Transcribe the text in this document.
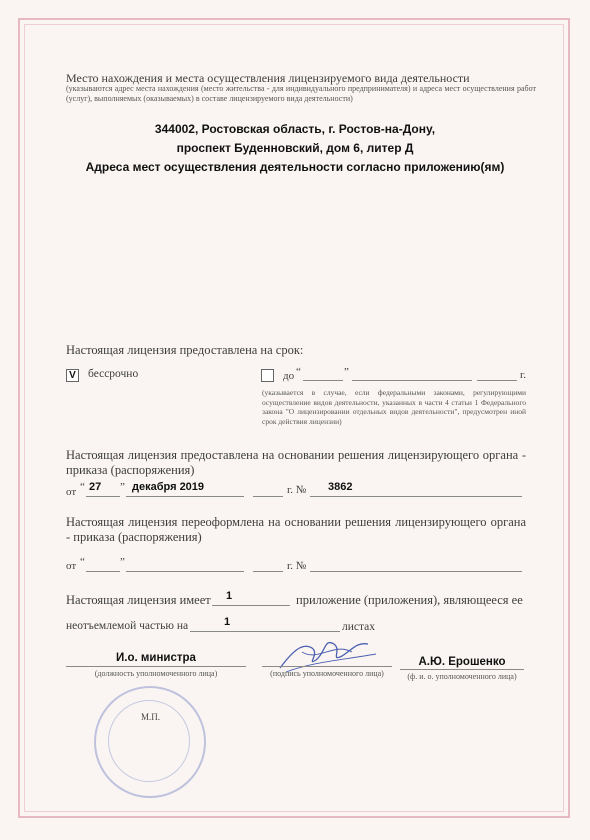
Место нахождения и места осуществления лицензируемого вида деятельности
(указываются адрес места нахождения (место жительства - для индивидуального предпринимателя) и адреса мест осуществления работ (услуг), выполняемых (оказываемых) в составе лицензируемого вида деятельности)
344002, Ростовская область, г. Ростов-на-Дону,
проспект Буденновский, дом 6, литер Д
Адреса мест осуществления деятельности согласно приложению(ям)
Настоящая лицензия предоставлена на срок:
V бессрочно	до “	”	г.
(указывается в случае, если федеральными законами, регулирующими осуществление видов деятельности, указанных в части 4 статьи 1 Федерального закона "О лицензировании отдельных видов деятельности", предусмотрен иной срок действия лицензии)
Настоящая лицензия предоставлена на основании решения лицензирующего органа - приказа (распоряжения)
от “ 27 ” декабря 2019	г. № 3862
Настоящая лицензия переоформлена на основании решения лицензирующего органа - приказа (распоряжения)
от “	”	г. №
Настоящая лицензия имеет 1	приложение (приложения), являющееся ее
неотъемлемой частью на	1	листах
И.о. министра
(должность уполномоченного лица)	(подпись уполномоченного лица)
А.Ю. Ерошенко
(ф. и. о. уполномоченного лица)
М.П.
